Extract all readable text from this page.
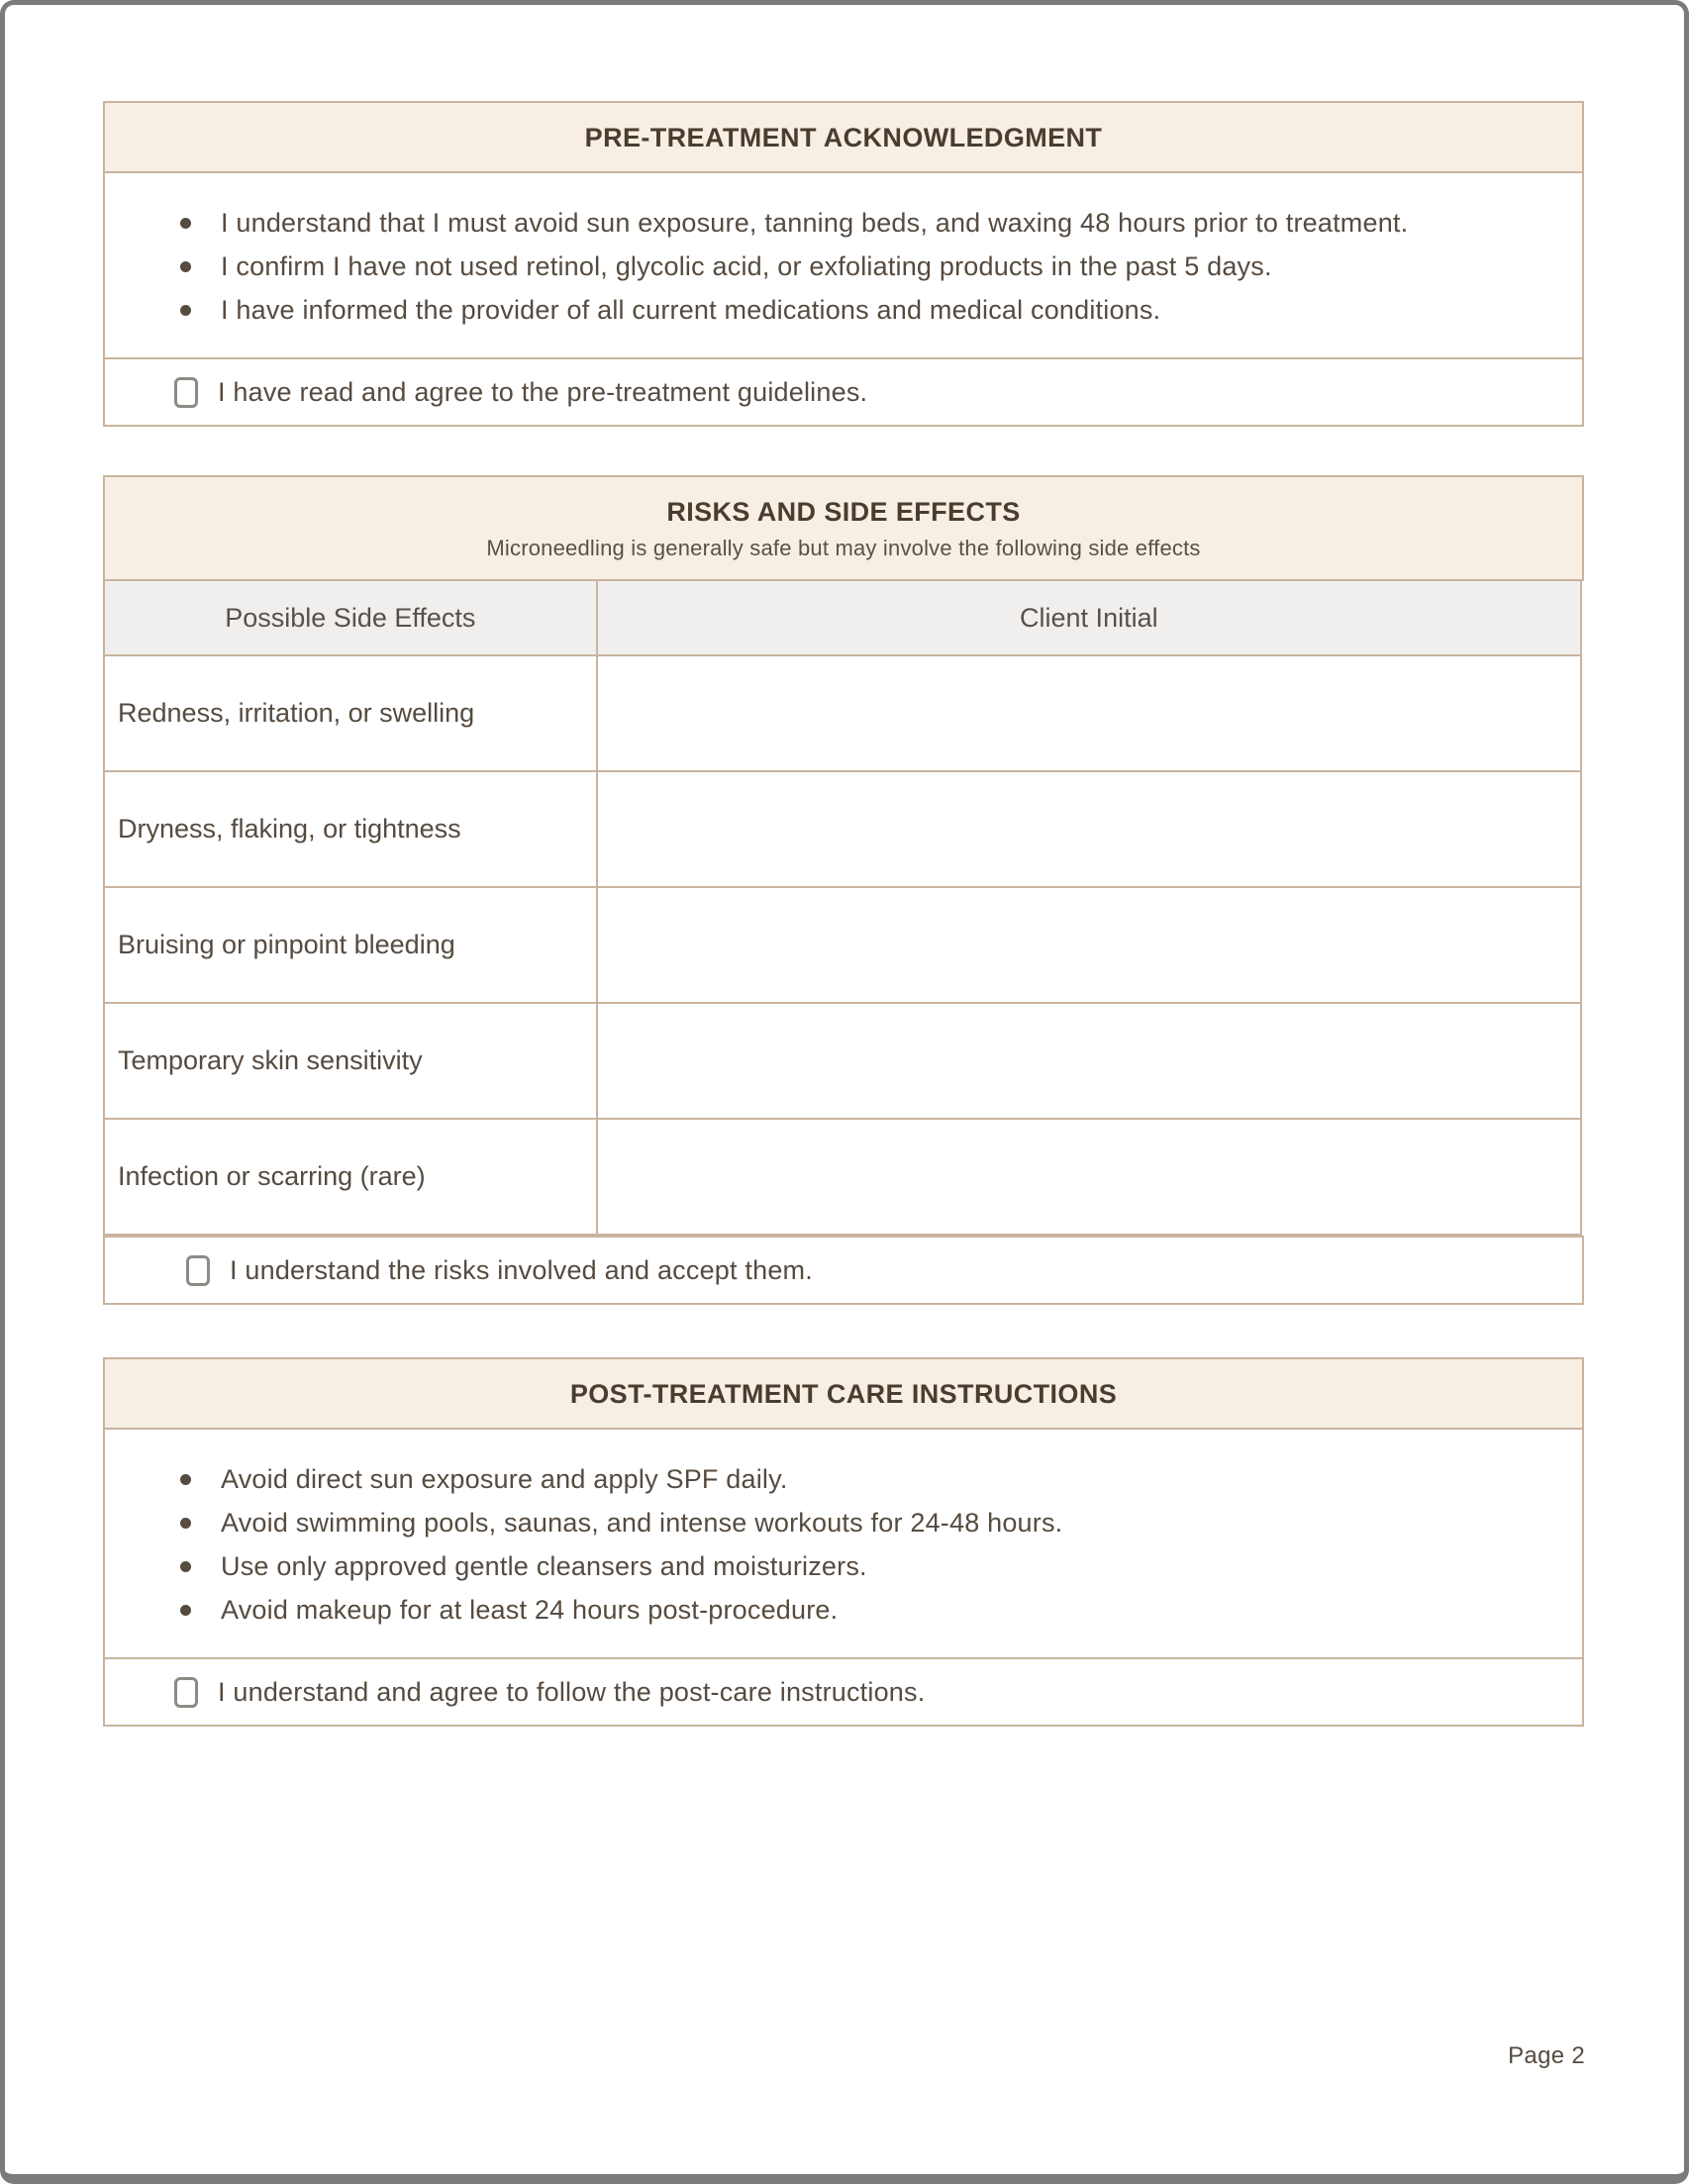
PRE-TREATMENT ACKNOWLEDGMENT
I understand that I must avoid sun exposure, tanning beds, and waxing 48 hours prior to treatment.
I confirm I have not used retinol, glycolic acid, or exfoliating products in the past 5 days.
I have informed the provider of all current medications and medical conditions.
I have read and agree to the pre-treatment guidelines.
RISKS AND SIDE EFFECTS
Microneedling is generally safe but may involve the following side effects
Possible Side Effects	Client Initial
Redness, irritation, or swelling
Dryness, flaking, or tightness
Bruising or pinpoint bleeding
Temporary skin sensitivity
Infection or scarring (rare)
I understand the risks involved and accept them.
POST-TREATMENT CARE INSTRUCTIONS
Avoid direct sun exposure and apply SPF daily.
Avoid swimming pools, saunas, and intense workouts for 24-48 hours.
Use only approved gentle cleansers and moisturizers.
Avoid makeup for at least 24 hours post-procedure.
I understand and agree to follow the post-care instructions.
Page 2
